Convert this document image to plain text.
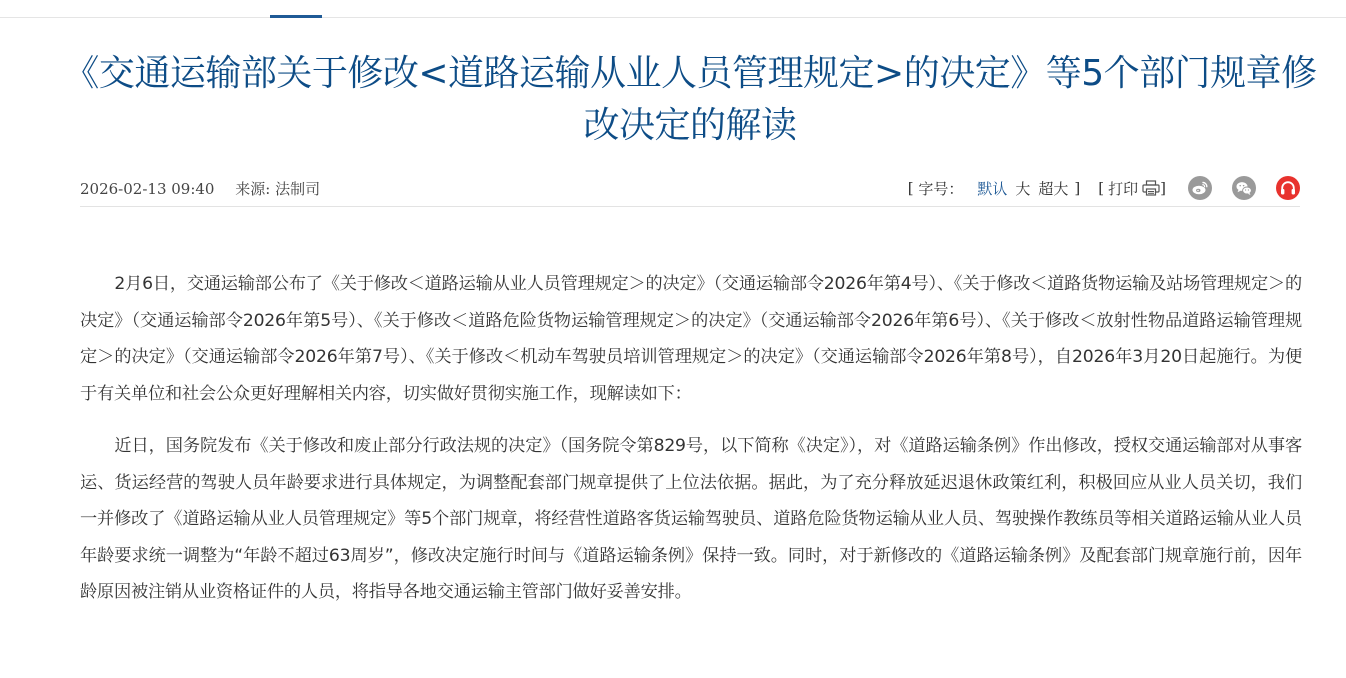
《交通运输部关于修改<道路运输从业人员管理规定>的决定》等5个部门规章修改决定的解读
2026-02-13 09:40 来源: 法制司	[ 字号： 默认 大 超大 ] [ 打印 ]

2月6日，交通运输部公布了《关于修改＜道路运输从业人员管理规定＞的决定》（交通运输部令2026年第4号）、《关于修改＜道路货物运输及站场管理规定＞的决定》（交通运输部令2026年第5号）、《关于修改＜道路危险货物运输管理规定＞的决定》（交通运输部令2026年第6号）、《关于修改＜放射性物品道路运输管理规定＞的决定》（交通运输部令2026年第7号）、《关于修改＜机动车驾驶员培训管理规定＞的决定》（交通运输部令2026年第8号），自2026年3月20日起施行。为便于有关单位和社会公众更好理解相关内容，切实做好贯彻实施工作，现解读如下：

近日，国务院发布《关于修改和废止部分行政法规的决定》（国务院令第829号，以下简称《决定》），对《道路运输条例》作出修改，授权交通运输部对从事客运、货运经营的驾驶人员年龄要求进行具体规定，为调整配套部门规章提供了上位法依据。据此，为了充分释放延迟退休政策红利，积极回应从业人员关切，我们一并修改了《道路运输从业人员管理规定》等5个部门规章，将经营性道路客货运输驾驶员、道路危险货物运输从业人员、驾驶操作教练员等相关道路运输从业人员年龄要求统一调整为“年龄不超过63周岁”，修改决定施行时间与《道路运输条例》保持一致。同时，对于新修改的《道路运输条例》及配套部门规章施行前，因年龄原因被注销从业资格证件的人员，将指导各地交通运输主管部门做好妥善安排。
